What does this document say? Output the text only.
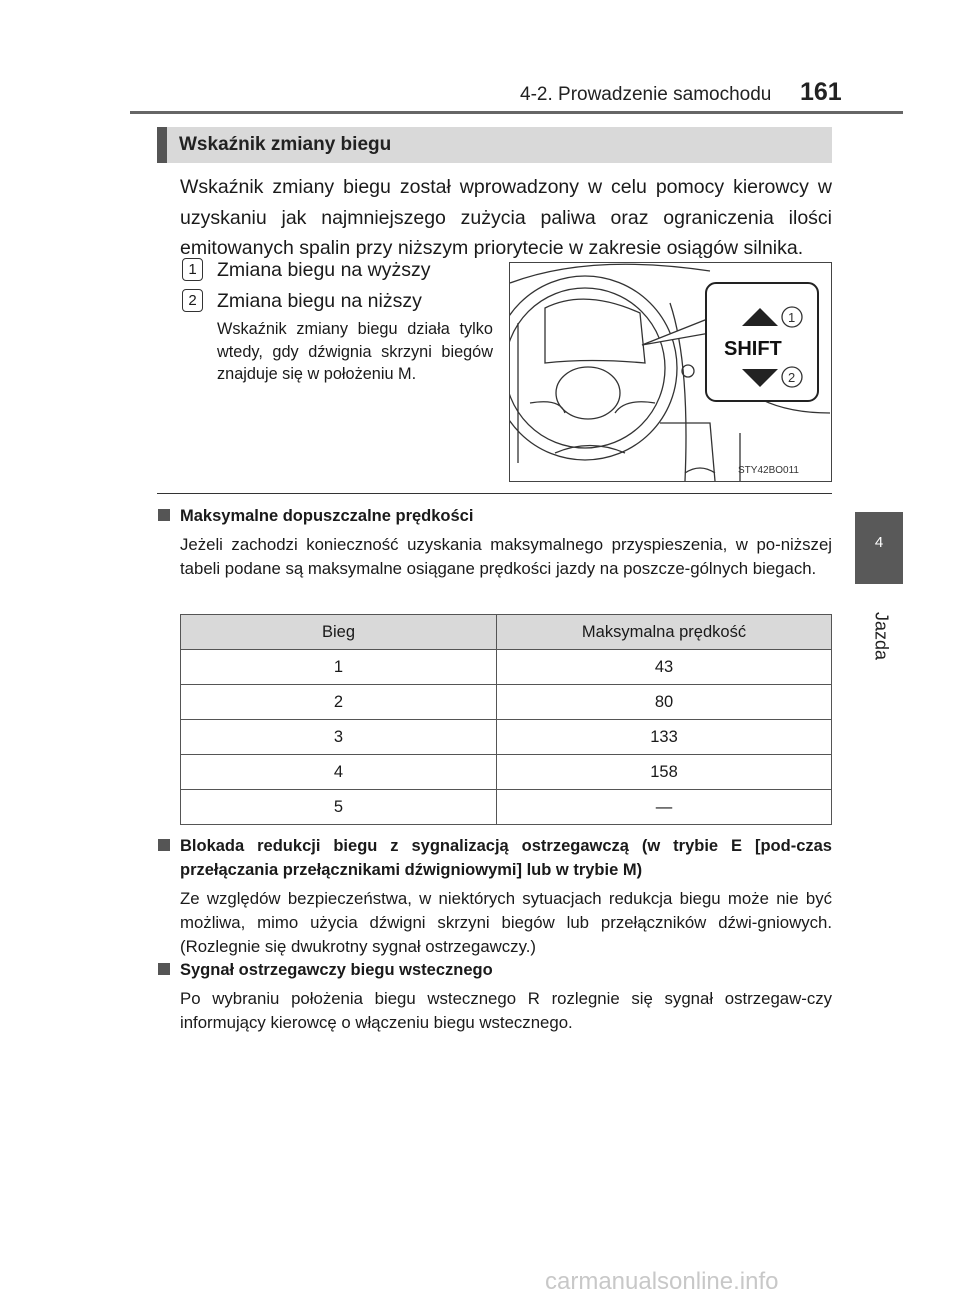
4-2. Prowadzenie samochodu 161
4
Jazda
Wskaźnik zmiany biegu

Wskaźnik zmiany biegu został wprowadzony w celu pomocy kierowcy w uzyskaniu jak najmniejszego zużycia paliwa oraz ograniczenia ilości emitowanych spalin przy niższym priorytecie w zakresie osiągów silnika.

1 Zmiana biegu na wyższy
2 Zmiana biegu na niższy

Wskaźnik zmiany biegu działa tylko wtedy, gdy dźwignia skrzyni biegów znajduje się w położeniu M.

SHIFT
1
2
STY42BO011
Maksymalne dopuszczalne prędkości

Jeżeli zachodzi konieczność uzyskania maksymalnego przyspieszenia, w po-niższej tabeli podane są maksymalne osiągane prędkości jazdy na poszcze-gólnych biegach.

Bieg	Maksymalna prędkość
1	43
2	80
3	133
4	158
5	—
Blokada redukcji biegu z sygnalizacją ostrzegawczą (w trybie E [pod-czas przełączania przełącznikami dźwigniowymi] lub w trybie M)

Ze względów bezpieczeństwa, w niektórych sytuacjach redukcja biegu może nie być możliwa, mimo użycia dźwigni skrzyni biegów lub przełączników dźwi-gniowych. (Rozlegnie się dwukrotny sygnał ostrzegawczy.)

Sygnał ostrzegawczy biegu wstecznego

Po wybraniu położenia biegu wstecznego R rozlegnie się sygnał ostrzegaw-czy informujący kierowcę o włączeniu biegu wstecznego.

carmanualsonline.info
